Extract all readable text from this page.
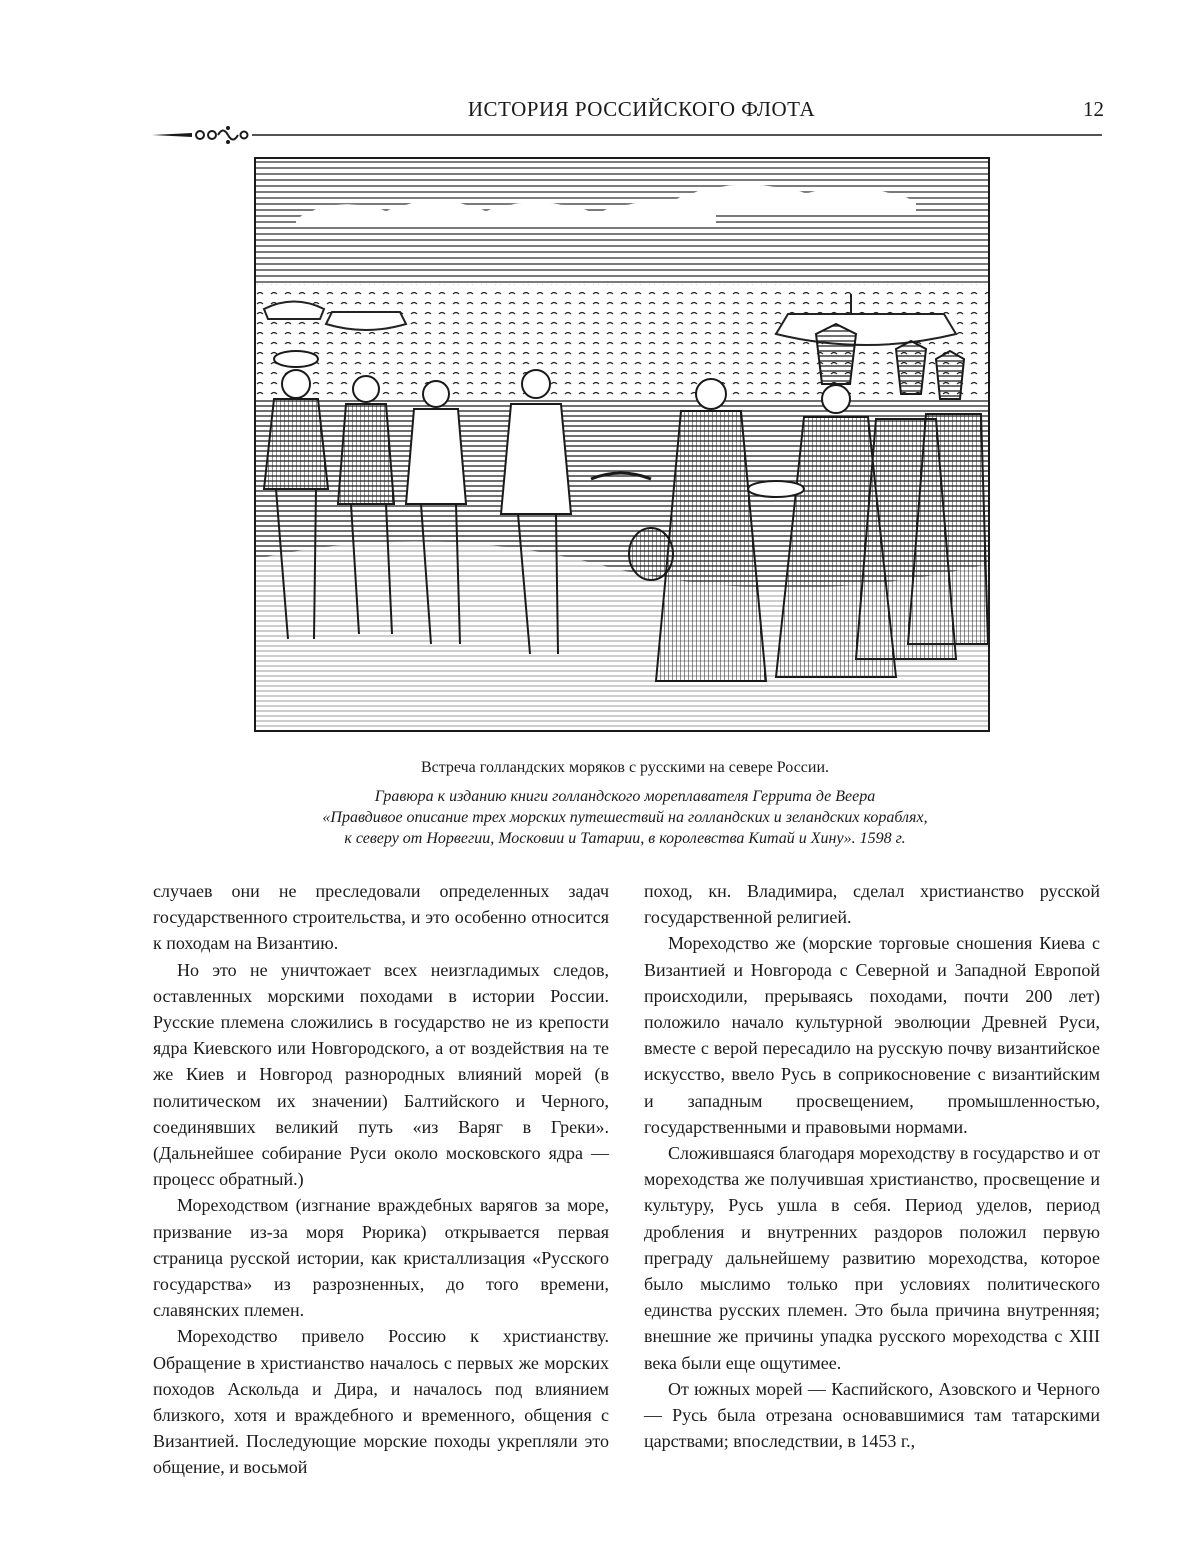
ИСТОРИЯ РОССИЙСКОГО ФЛОТА	12
Встреча голландских моряков с русскими на севере России.
Гравюра к изданию книги голландского мореплавателя Геррита де Веера
«Правдивое описание трех морских путешествий на голландских и зеландских кораблях,
к северу от Норвегии, Московии и Татарии, в королевства Китай и Хину». 1598 г.

случаев они не преследовали определенных задач государственного строительства, и это особенно относится к походам на Византию.

Но это не уничтожает всех неизгладимых следов, оставленных морскими походами в истории России. Русские племена сложились в государство не из крепости ядра Киевского или Новгородского, а от воздействия на те же Киев и Новгород разнородных влияний морей (в политическом их значении) Балтийского и Черного, соединявших великий путь «из Варяг в Греки». (Дальнейшее собирание Руси около московского ядра — процесс обратный.)

Мореходством (изгнание враждебных варягов за море, призвание из-за моря Рюрика) открывается первая страница русской истории, как кристаллизация «Русского государства» из разрозненных, до того времени, славянских племен.

Мореходство привело Россию к христианству. Обращение в христианство началось с первых же морских походов Аскольда и Дира, и началось под влиянием близкого, хотя и враждебного и временного, общения с Византией. Последующие морские походы укрепляли это общение, и восьмой

поход, кн. Владимира, сделал христианство русской государственной религией.

Мореходство же (морские торговые сношения Киева с Византией и Новгорода с Северной и Западной Европой происходили, прерываясь походами, почти 200 лет) положило начало культурной эволюции Древней Руси, вместе с верой пересадило на русскую почву византийское искусство, ввело Русь в соприкосновение с византийским и западным просвещением, промышленностью, государственными и правовыми нормами.

Сложившаяся благодаря мореходству в государство и от мореходства же получившая христианство, просвещение и культуру, Русь ушла в себя. Период уделов, период дробления и внутренних раздоров положил первую преграду дальнейшему развитию мореходства, которое было мыслимо только при условиях политического единства русских племен. Это была причина внутренняя; внешние же причины упадка русского мореходства с XIII века были еще ощутимее.

От южных морей — Каспийского, Азовского и Черного — Русь была отрезана основавшимися там татарскими царствами; впоследствии, в 1453 г.,
